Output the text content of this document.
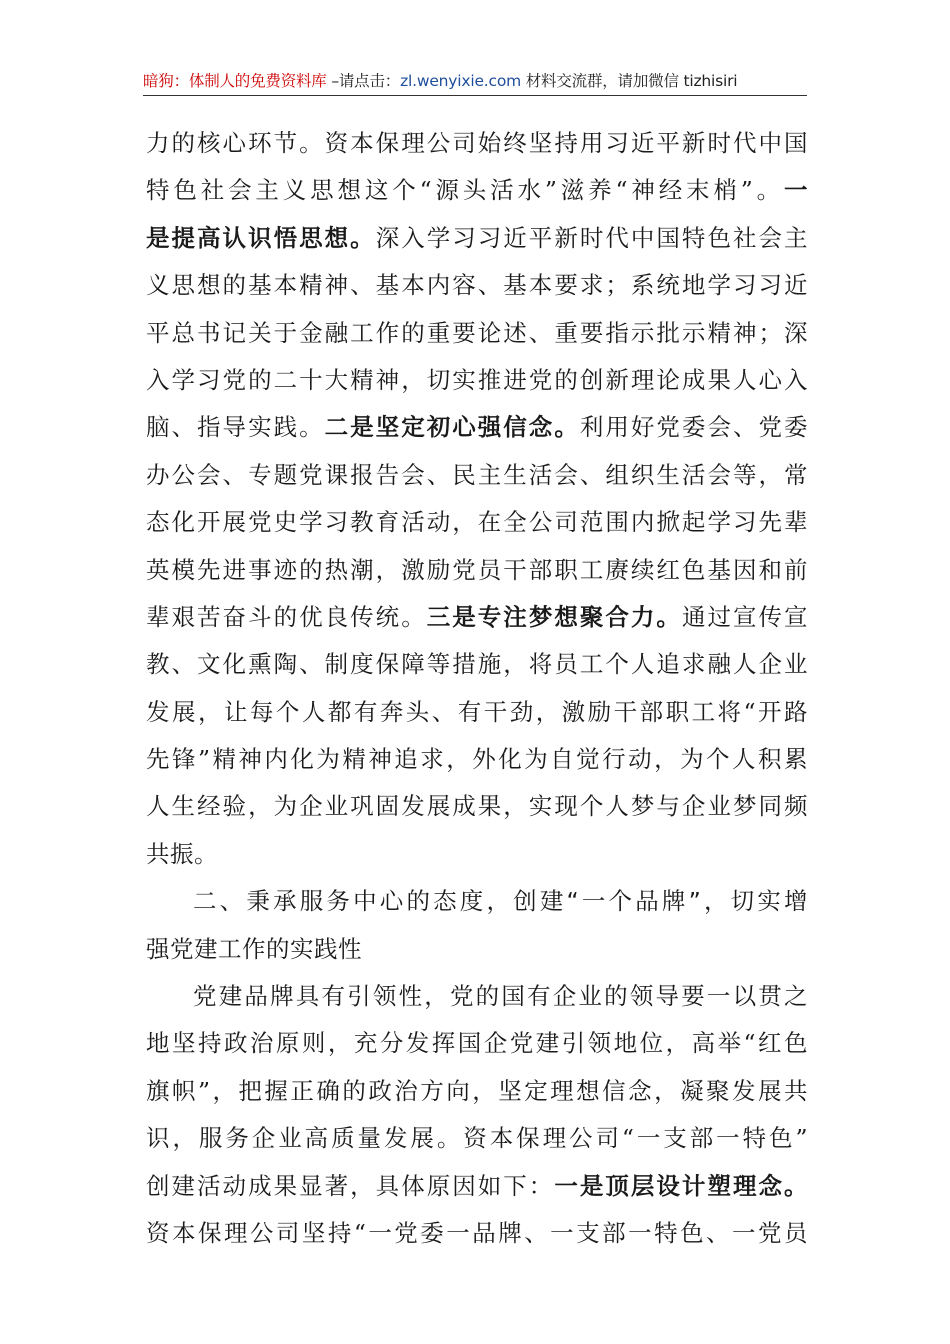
暗狗：体制人的免费资料库 –请点击：zl.wenyixie.com 材料交流群，请加微信 tizhisiri
力的核心环节。资本保理公司始终坚持用习近平新时代中国
特色社会主义思想这个“源头活水”滋养“神经末梢”。一
是提高认识悟思想。深入学习习近平新时代中国特色社会主
义思想的基本精神、基本内容、基本要求；系统地学习习近
平总书记关于金融工作的重要论述、重要指示批示精神；深
入学习党的二十大精神，切实推进党的创新理论成果人心入
脑、指导实践。二是坚定初心强信念。利用好党委会、党委
办公会、专题党课报告会、民主生活会、组织生活会等，常
态化开展党史学习教育活动，在全公司范围内掀起学习先辈
英模先进事迹的热潮，激励党员干部职工赓续红色基因和前
辈艰苦奋斗的优良传统。三是专注梦想聚合力。通过宣传宣
教、文化熏陶、制度保障等措施，将员工个人追求融人企业
发展，让每个人都有奔头、有干劲，激励干部职工将“开路
先锋”精神内化为精神追求，外化为自觉行动，为个人积累
人生经验，为企业巩固发展成果，实现个人梦与企业梦同频
共振。
二、秉承服务中心的态度，创建“一个品牌”，切实增
强党建工作的实践性
党建品牌具有引领性，党的国有企业的领导要一以贯之
地坚持政治原则，充分发挥国企党建引领地位，高举“红色
旗帜”，把握正确的政治方向，坚定理想信念，凝聚发展共
识，服务企业高质量发展。资本保理公司“一支部一特色”
创建活动成果显著，具体原因如下：一是顶层设计塑理念。
资本保理公司坚持“一党委一品牌、一支部一特色、一党员
